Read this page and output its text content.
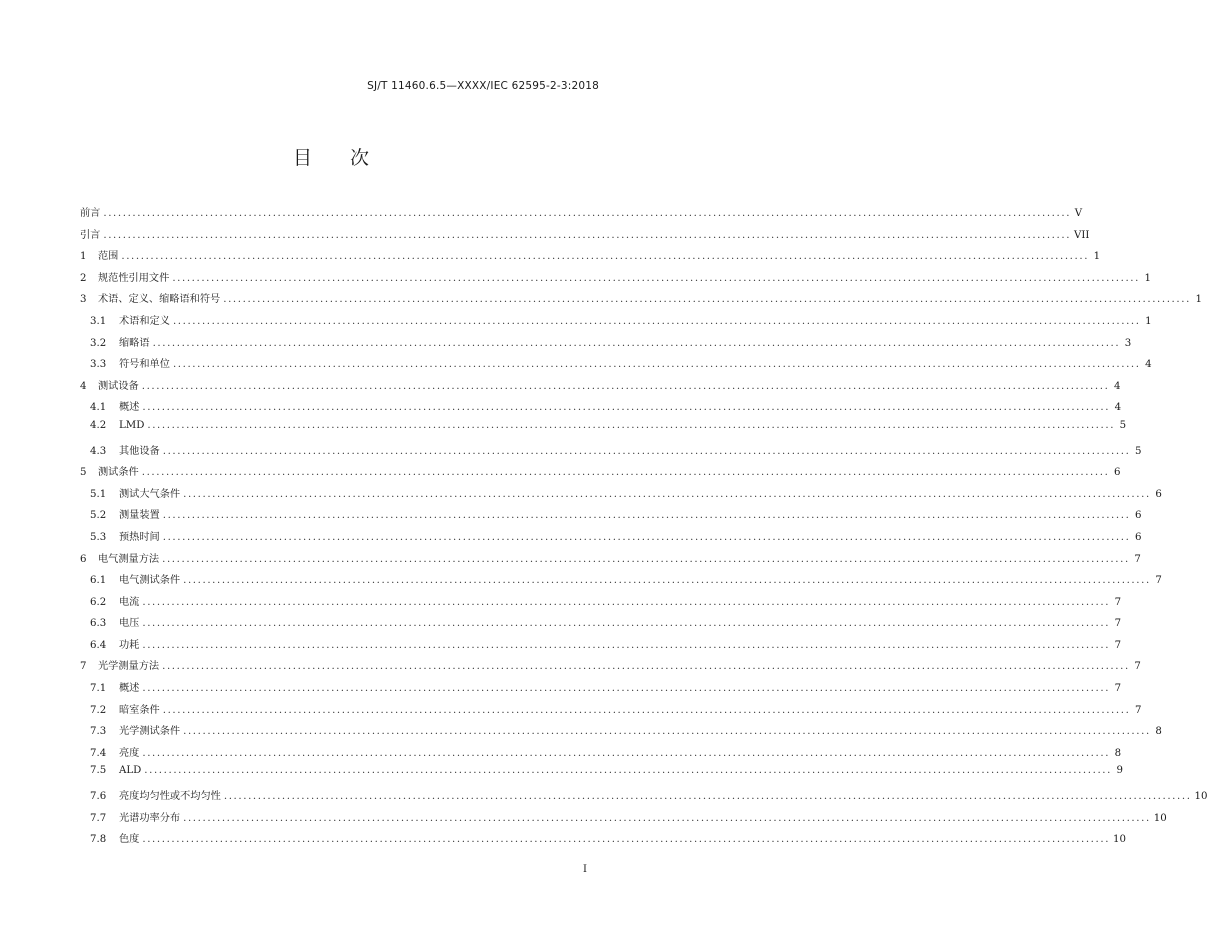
SJ/T 11460.6.5—XXXX/IEC 62595-2-3:2018
目 次
前言 ........................................................................................................................................................................................................ V
引言 ........................................................................................................................................................................................................ VII
1	范围 ........................................................................................................................................................................................................ 1
2	规范性引用文件 ........................................................................................................................................................................................................ 1
3	术语、定义、缩略语和符号 ........................................................................................................................................................................................................ 1
3.1	术语和定义 ........................................................................................................................................................................................................ 1
3.2	缩略语 ........................................................................................................................................................................................................ 3
3.3	符号和单位 ........................................................................................................................................................................................................ 4
4	测试设备 ........................................................................................................................................................................................................ 4
4.1	概述 ........................................................................................................................................................................................................ 4
4.2	LMD ........................................................................................................................................................................................................ 5
4.3	其他设备 ........................................................................................................................................................................................................ 5
5	测试条件 ........................................................................................................................................................................................................ 6
5.1	测试大气条件 ........................................................................................................................................................................................................ 6
5.2	测量装置 ........................................................................................................................................................................................................ 6
5.3	预热时间 ........................................................................................................................................................................................................ 6
6	电气测量方法 ........................................................................................................................................................................................................ 7
6.1	电气测试条件 ........................................................................................................................................................................................................ 7
6.2	电流 ........................................................................................................................................................................................................ 7
6.3	电压 ........................................................................................................................................................................................................ 7
6.4	功耗 ........................................................................................................................................................................................................ 7
7	光学测量方法 ........................................................................................................................................................................................................ 7
7.1	概述 ........................................................................................................................................................................................................ 7
7.2	暗室条件 ........................................................................................................................................................................................................ 7
7.3	光学测试条件 ........................................................................................................................................................................................................ 8
7.4	亮度 ........................................................................................................................................................................................................ 8
7.5	ALD ........................................................................................................................................................................................................ 9
7.6	亮度均匀性或不均匀性 ........................................................................................................................................................................................................ 10
7.7	光谱功率分布 ........................................................................................................................................................................................................ 10
7.8	色度 ........................................................................................................................................................................................................ 10
I
